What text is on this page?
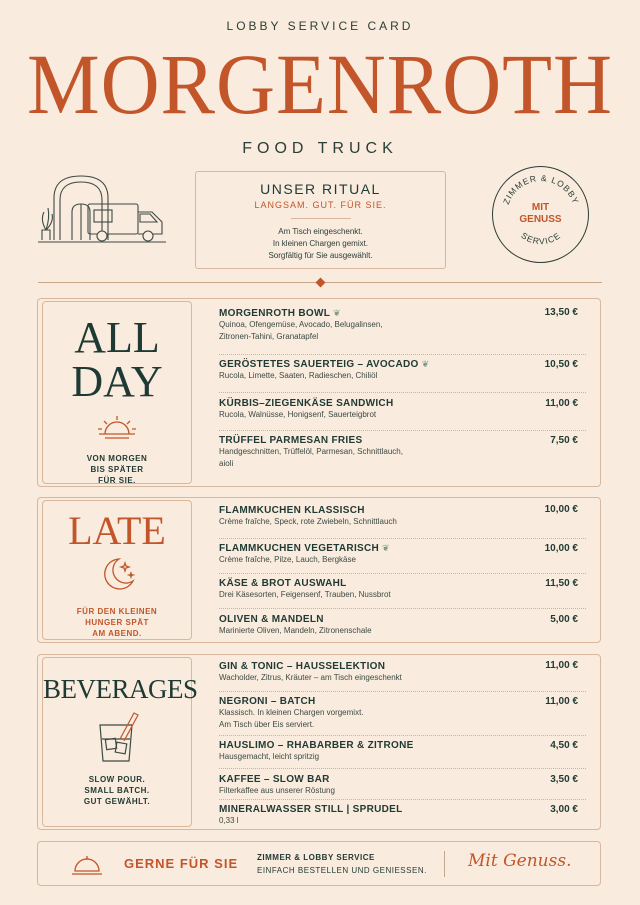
LOBBY SERVICE CARD
MORGENROTH
FOOD TRUCK
UNSER RITUAL
LANGSAM. GUT. FÜR SIE.
Am Tisch eingeschenkt.
In kleinen Chargen gemixt.
Sorgfältig für Sie ausgewählt.
ZIMMER & LOBBY
SERVICE
MIT
GENUSS
ALL
DAY
VON MORGEN
BIS SPÄTER
FÜR SIE.
MORGENROTH BOWL ❦
Quinoa, Ofengemüse, Avocado, Belugalinsen,
Zitronen-Tahini, Granatapfel
13,50 €
GERÖSTETES SAUERTEIG – AVOCADO ❦
Rucola, Limette, Saaten, Radieschen, Chiliöl
10,50 €
KÜRBIS–ZIEGENKÄSE SANDWICH
Rucola, Walnüsse, Honigsenf, Sauerteigbrot
11,00 €
TRÜFFEL PARMESAN FRIES
Handgeschnitten, Trüffelöl, Parmesan, Schnittlauch,
aioli
7,50 €
LATE
FÜR DEN KLEINEN
HUNGER SPÄT
AM ABEND.
FLAMMKUCHEN KLASSISCH
Crème fraîche, Speck, rote Zwiebeln, Schnittlauch
10,00 €
FLAMMKUCHEN VEGETARISCH ❦
Crème fraîche, Pilze, Lauch, Bergkäse
10,00 €
KÄSE & BROT AUSWAHL
Drei Käsesorten, Feigensenf, Trauben, Nussbrot
11,50 €
OLIVEN & MANDELN
Marinierte Oliven, Mandeln, Zitronenschale
5,00 €
BEVERAGES
SLOW POUR.
SMALL BATCH.
GUT GEWÄHLT.
GIN & TONIC – HAUSSELEKTION
Wacholder, Zitrus, Kräuter – am Tisch eingeschenkt
11,00 €
NEGRONI – BATCH
Klassisch. In kleinen Chargen vorgemixt.
Am Tisch über Eis serviert.
11,00 €
HAUSLIMO – RHABARBER & ZITRONE
Hausgemacht, leicht spritzig
4,50 €
KAFFEE – SLOW BAR
Filterkaffee aus unserer Röstung
3,50 €
MINERALWASSER STILL | SPRUDEL
0,33 l
3,00 €
GERNE FÜR SIE ZIMMER & LOBBY SERVICE
EINFACH BESTELLEN UND GENIESSEN. Mit Genuss.
